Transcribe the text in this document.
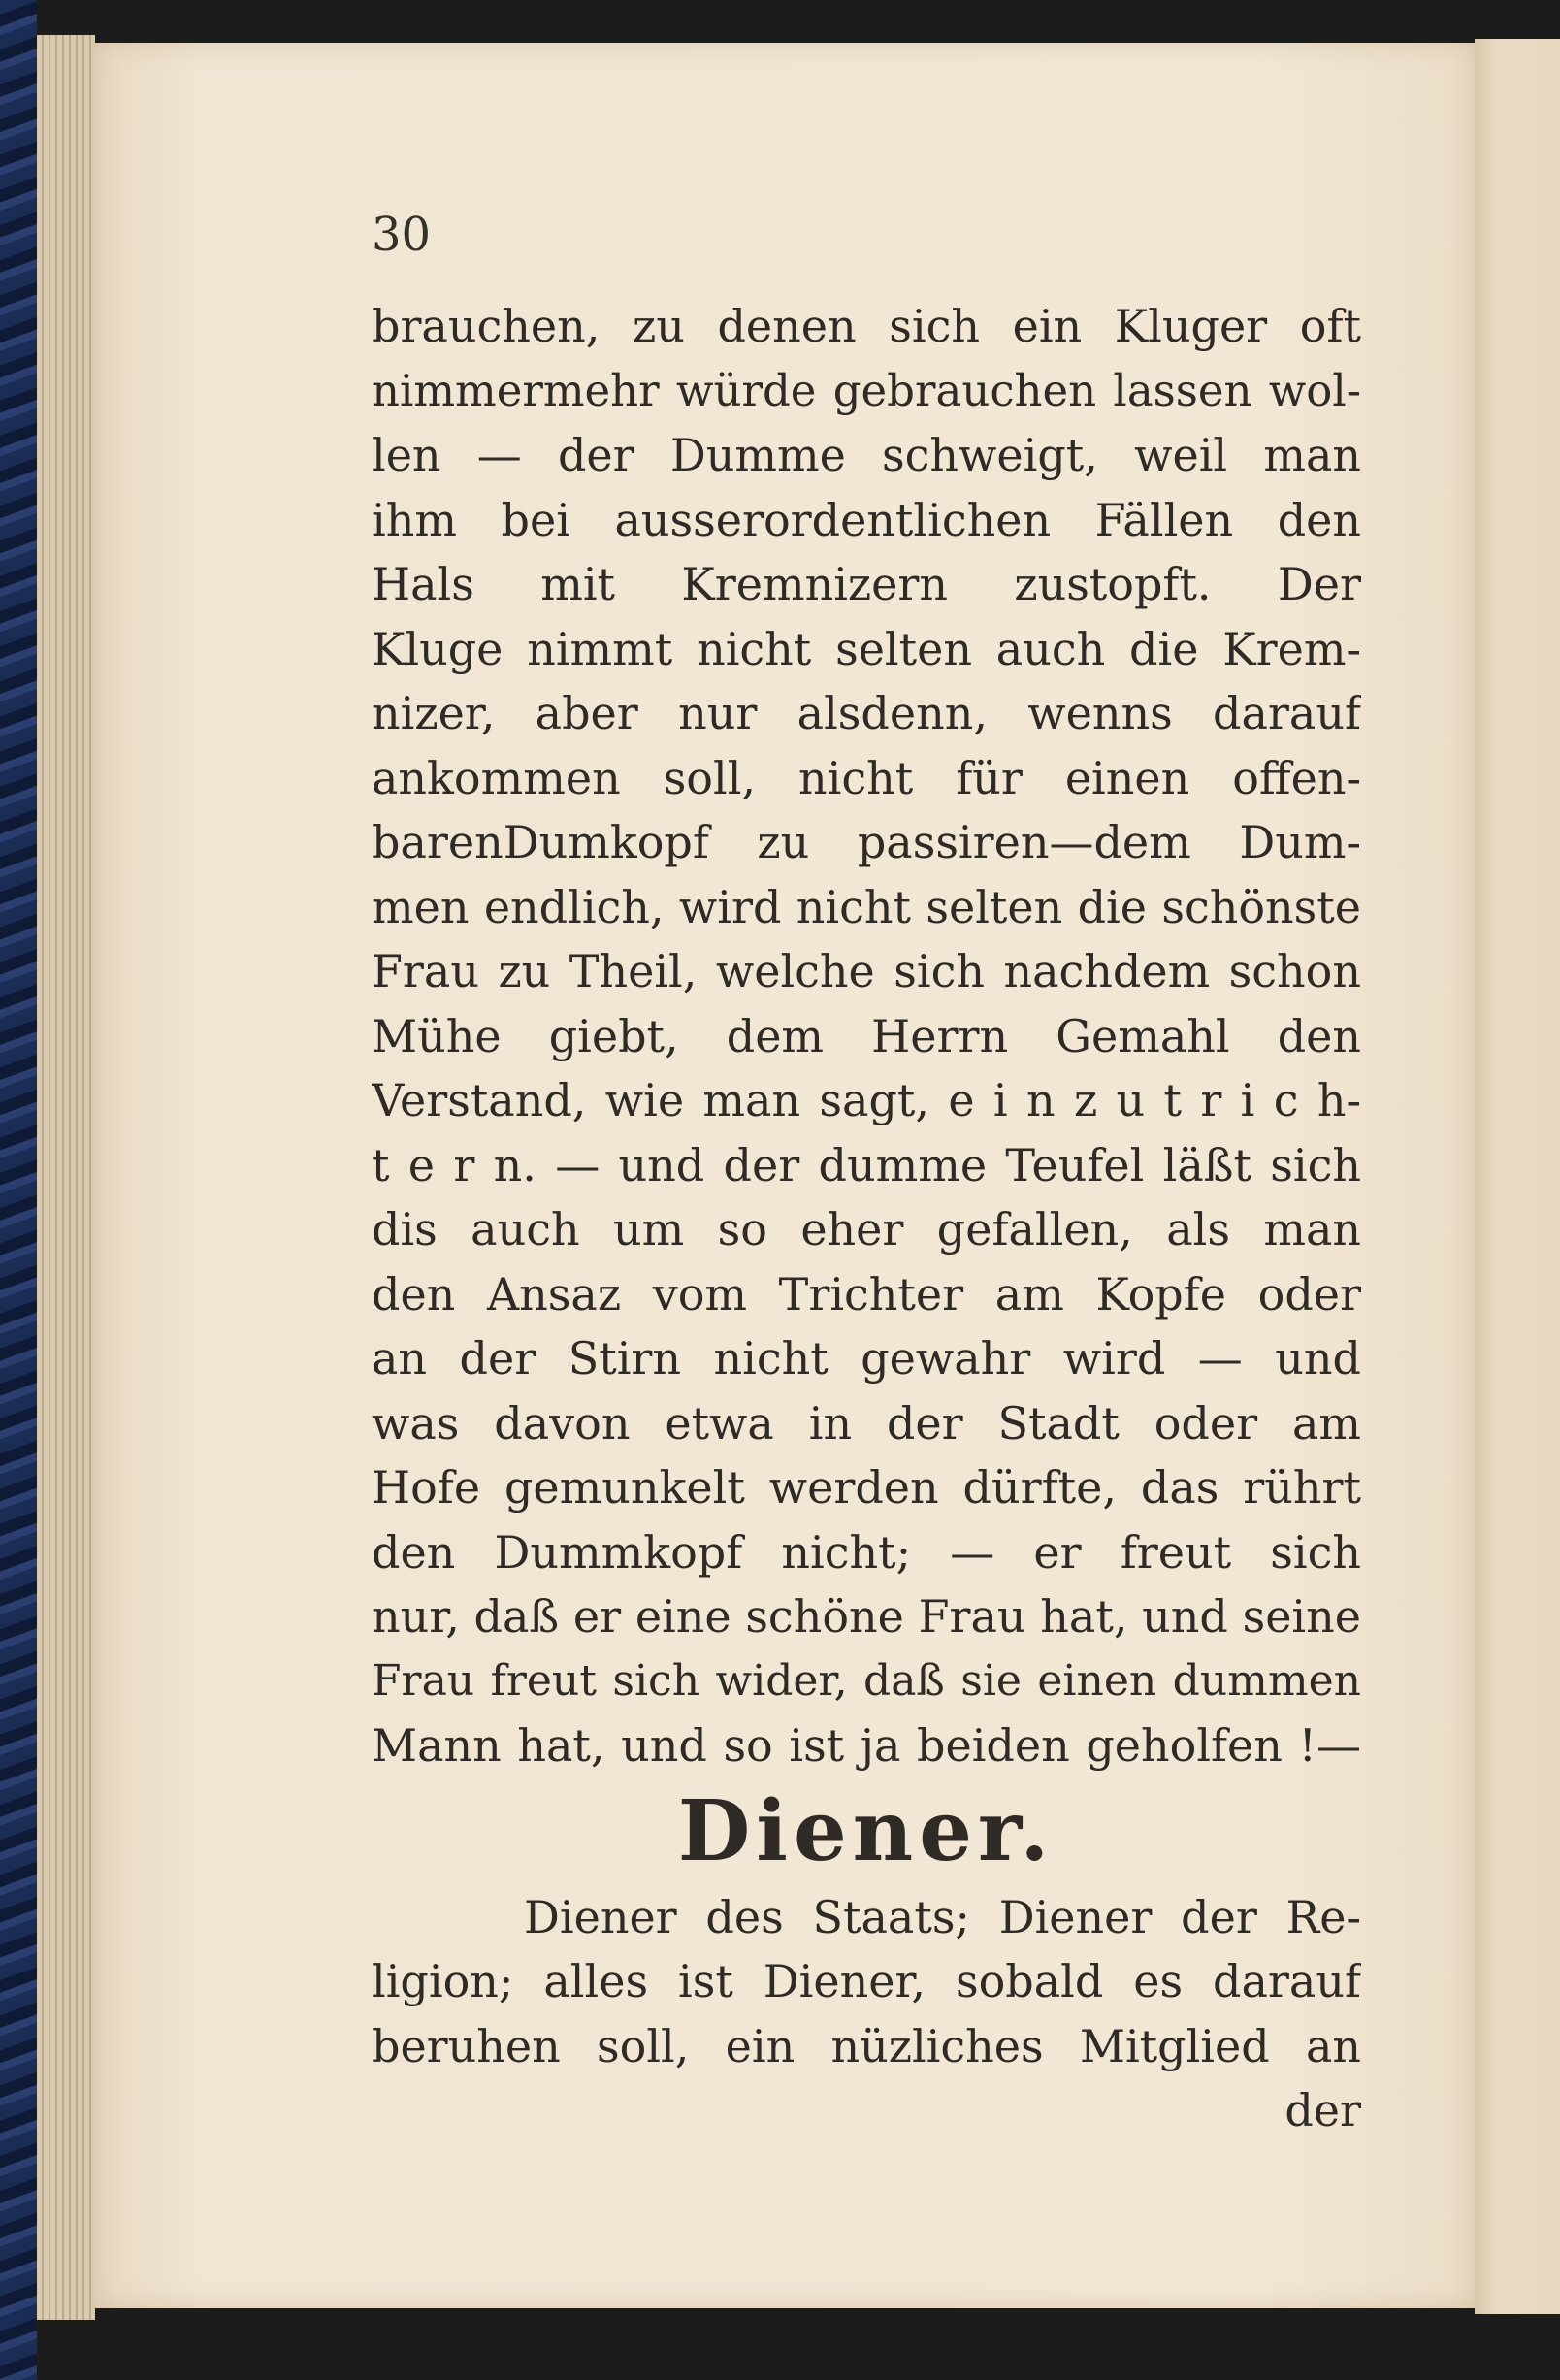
30
brauchen, zu denen sich ein Kluger oft
nimmermehr würde gebrauchen lassen wol-
len — der Dumme schweigt, weil man
ihm bei ausserordentlichen Fällen den
Hals mit Kremnizern zustopft. Der
Kluge nimmt nicht selten auch die Krem-
nizer, aber nur alsdenn, wenns darauf
ankommen soll, nicht für einen offen-
barenDumkopf zu passiren—dem Dum-
men endlich, wird nicht selten die schönste
Frau zu Theil, welche sich nachdem schon
Mühe giebt, dem Herrn Gemahl den
Verstand, wie man sagt, e i n z u t r i c h-
t e r n. — und der dumme Teufel läßt sich
dis auch um so eher gefallen, als man
den Ansaz vom Trichter am Kopfe oder
an der Stirn nicht gewahr wird — und
was davon etwa in der Stadt oder am
Hofe gemunkelt werden dürfte, das rührt
den Dummkopf nicht; — er freut sich
nur, daß er eine schöne Frau hat, und seine
Frau freut sich wider, daß sie einen dummen
Mann hat, und so ist ja beiden geholfen !—
Diener.
Diener des Staats; Diener der Re-
ligion; alles ist Diener, sobald es darauf
beruhen soll, ein nüzliches Mitglied an
der
